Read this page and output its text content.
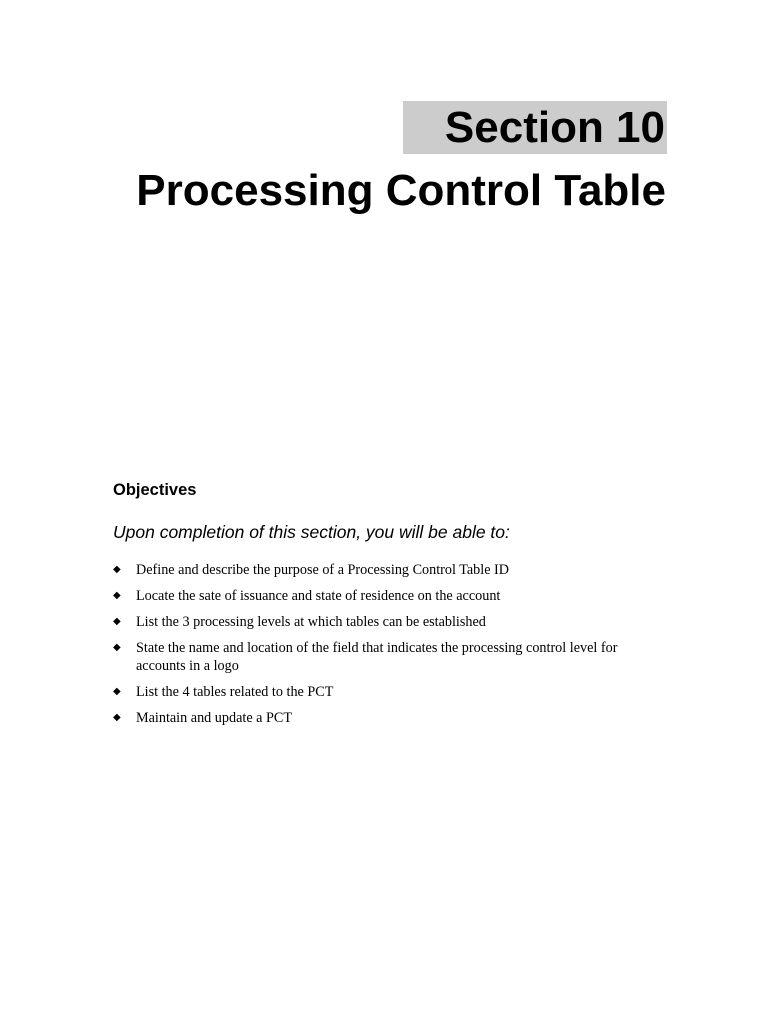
Section 10
Processing Control Table
Objectives

Upon completion of this section, you will be able to:

◆ Define and describe the purpose of a Processing Control Table ID
◆ Locate the sate of issuance and state of residence on the account
◆ List the 3 processing levels at which tables can be established
◆ State the name and location of the field that indicates the processing control level for accounts in a logo
◆ List the 4 tables related to the PCT
◆ Maintain and update a PCT
